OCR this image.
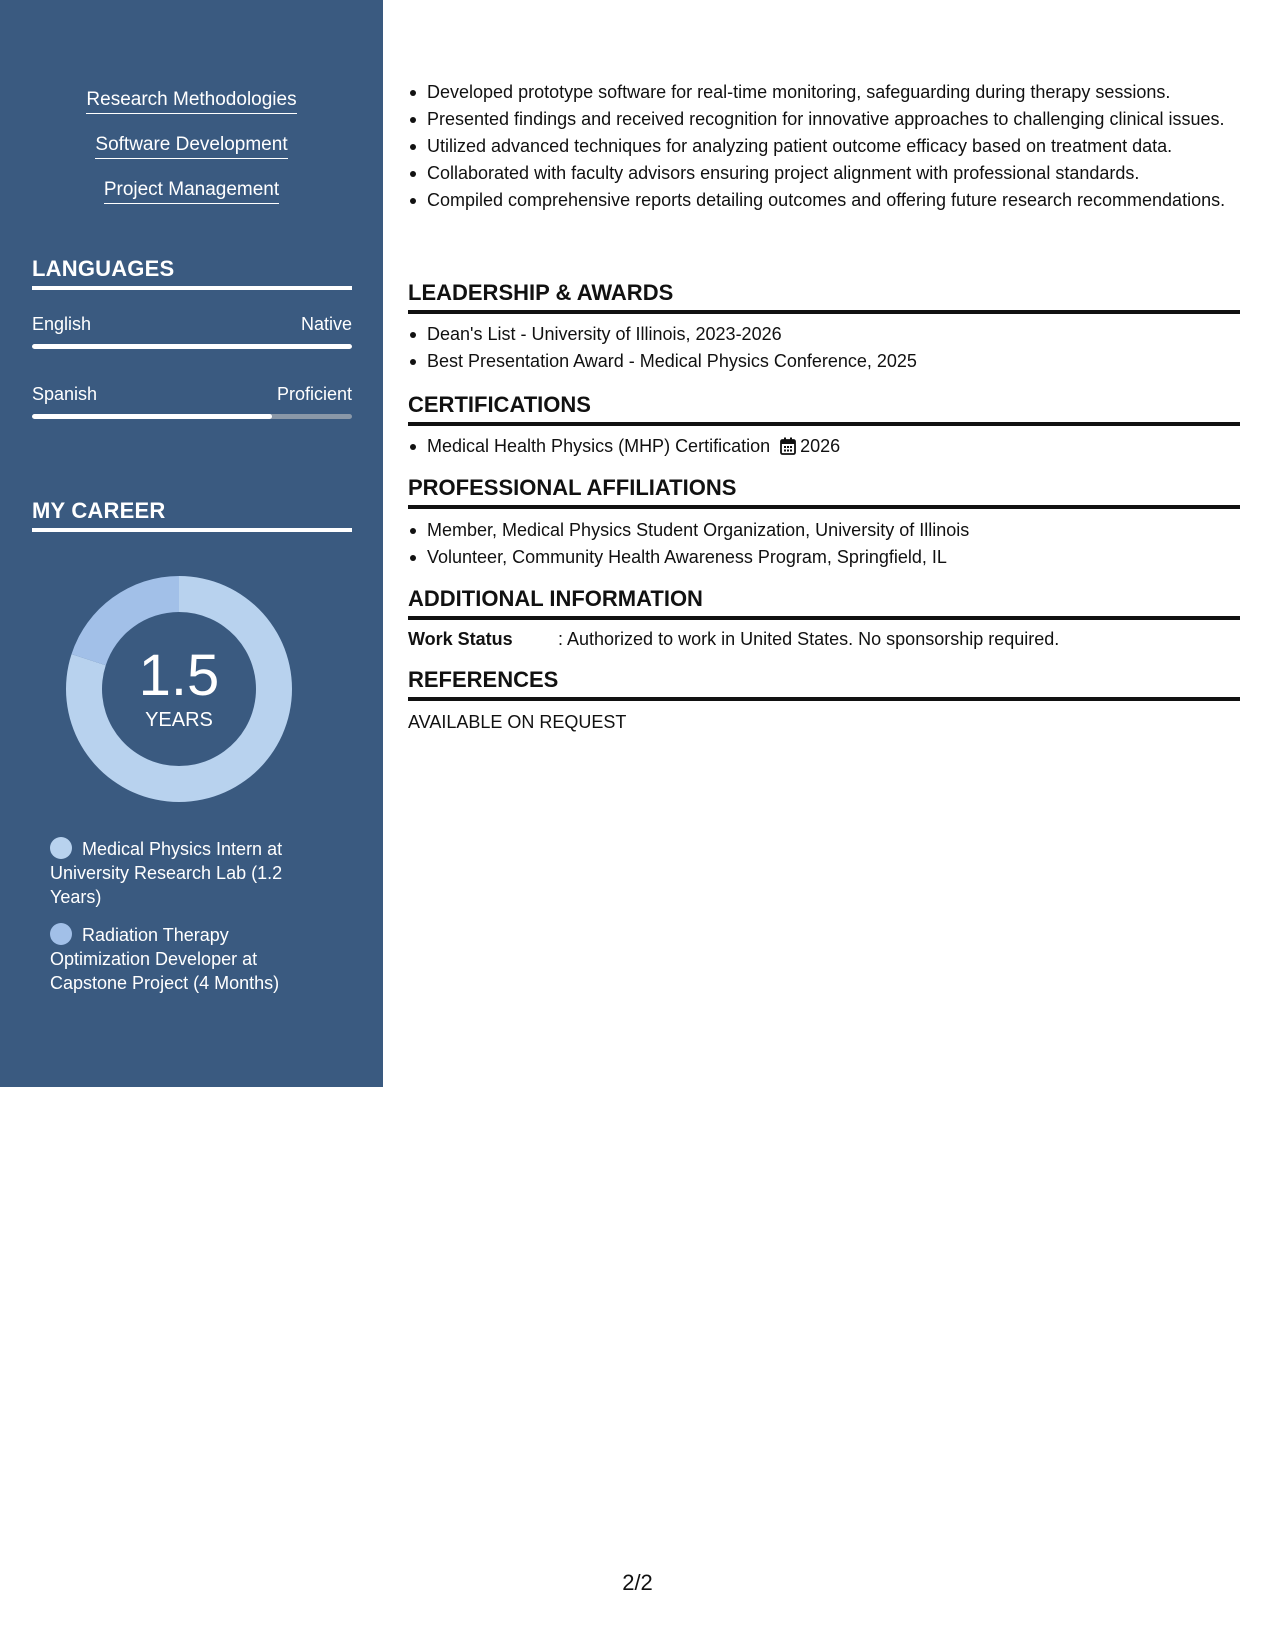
Research Methodologies
Software Development
Project Management
LANGUAGES
English	Native
Spanish	Proficient
MY CAREER
1.5
YEARS
Medical Physics Intern at University Research Lab (1.2 Years)
Radiation Therapy Optimization Developer at Capstone Project (4 Months)
Developed prototype software for real-time monitoring, safeguarding during therapy sessions.
Presented findings and received recognition for innovative approaches to challenging clinical issues.
Utilized advanced techniques for analyzing patient outcome efficacy based on treatment data.
Collaborated with faculty advisors ensuring project alignment with professional standards.
Compiled comprehensive reports detailing outcomes and offering future research recommendations.
LEADERSHIP & AWARDS
Dean's List - University of Illinois, 2023-2026
Best Presentation Award - Medical Physics Conference, 2025
CERTIFICATIONS
Medical Health Physics (MHP) Certification 2026
PROFESSIONAL AFFILIATIONS
Member, Medical Physics Student Organization, University of Illinois
Volunteer, Community Health Awareness Program, Springfield, IL
ADDITIONAL INFORMATION
Work Status	: Authorized to work in United States. No sponsorship required.
REFERENCES
AVAILABLE ON REQUEST
2/2
